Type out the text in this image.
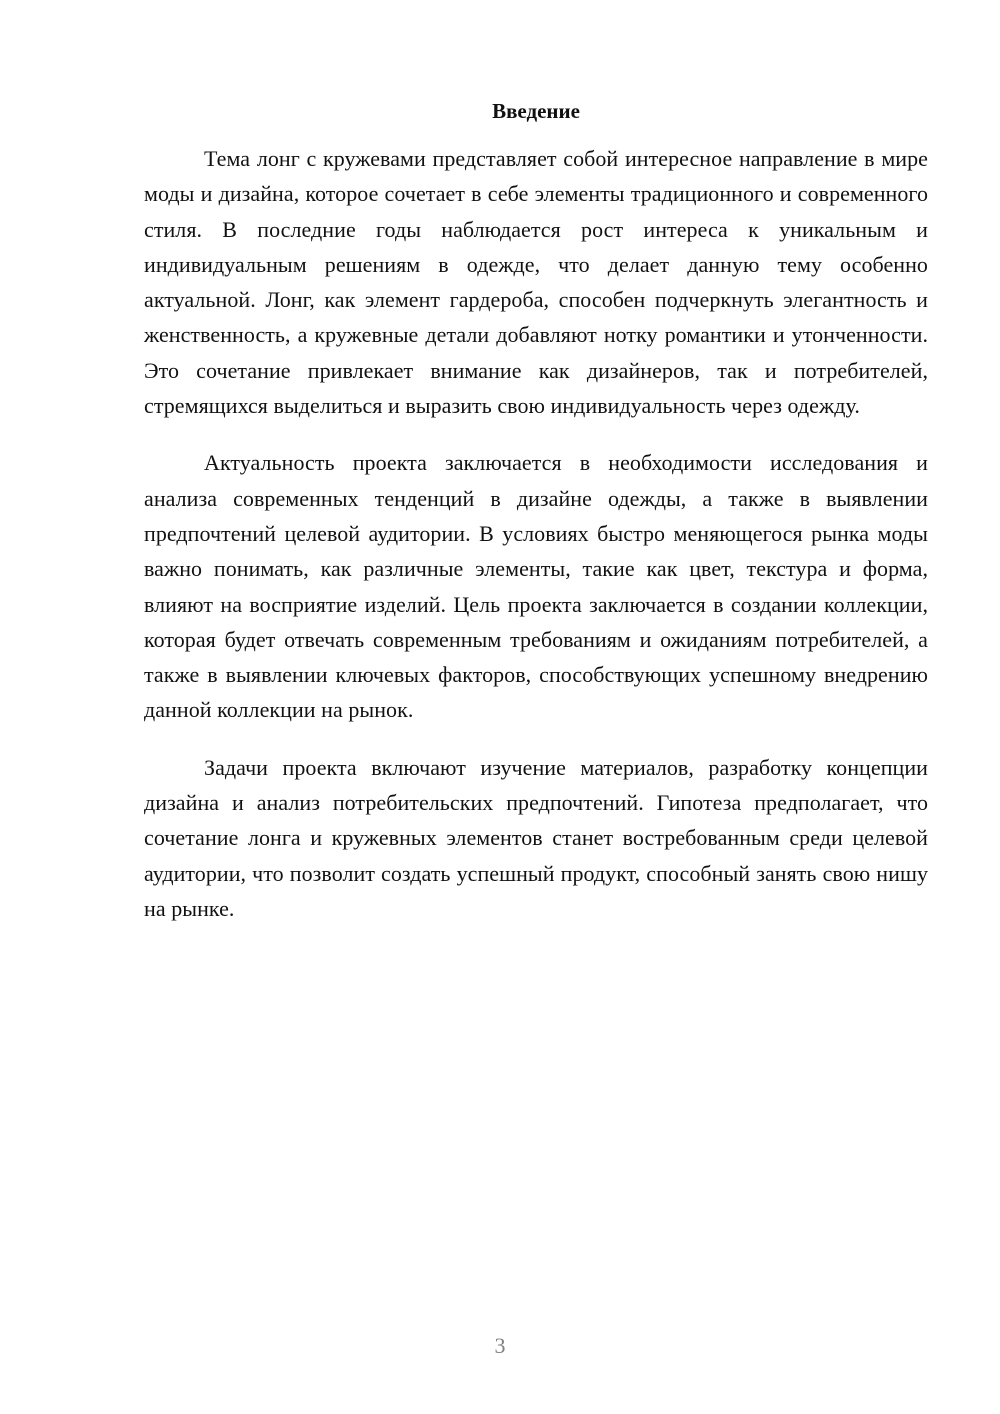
Введение

Тема лонг с кружевами представляет собой интересное направление в мире моды и дизайна, которое сочетает в себе элементы традиционного и современного стиля. В последние годы наблюдается рост интереса к уникальным и индивидуальным решениям в одежде, что делает данную тему особенно актуальной. Лонг, как элемент гардероба, способен подчеркнуть элегантность и женственность, а кружевные детали добавляют нотку романтики и утонченности. Это сочетание привлекает внимание как дизайнеров, так и потребителей, стремящихся выделиться и выразить свою индивидуальность через одежду.

Актуальность проекта заключается в необходимости исследования и анализа современных тенденций в дизайне одежды, а также в выявлении предпочтений целевой аудитории. В условиях быстро меняющегося рынка моды важно понимать, как различные элементы, такие как цвет, текстура и форма, влияют на восприятие изделий. Цель проекта заключается в создании коллекции, которая будет отвечать современным требованиям и ожиданиям потребителей, а также в выявлении ключевых факторов, способствующих успешному внедрению данной коллекции на рынок.

Задачи проекта включают изучение материалов, разработку концепции дизайна и анализ потребительских предпочтений. Гипотеза предполагает, что сочетание лонга и кружевных элементов станет востребованным среди целевой аудитории, что позволит создать успешный продукт, способный занять свою нишу на рынке.

3
